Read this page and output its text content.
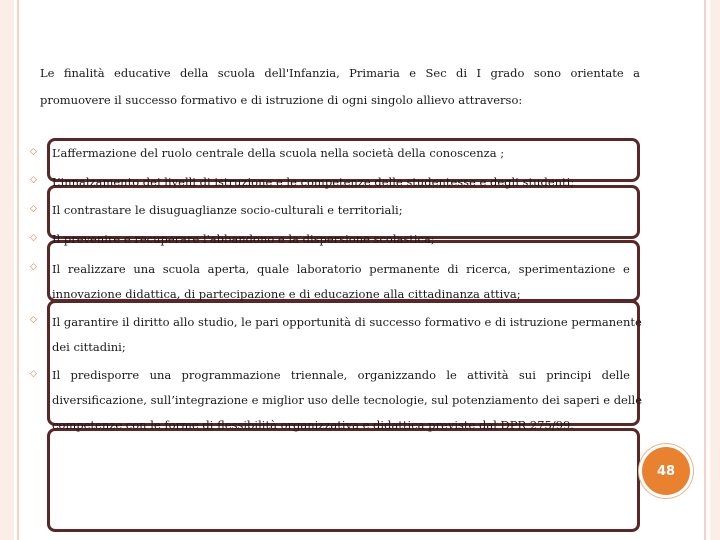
Le finalità educative della scuola dell'Infanzia, Primaria e Sec di I grado sono orientate a
promuovere il successo formativo e di istruzione di ogni singolo allievo attraverso:
◇
◇
◇
◇
◇
◇
◇
L’affermazione del ruolo centrale della scuola nella società della conoscenza ;
L’innalzamento dei livelli di istruzione e le competenze delle studentesse e degli studenti;
Il contrastare le disuguaglianze socio-culturali e territoriali;
Il prevenire e recuperare l'abbandono e la dispersione scolastica;
Il realizzare una scuola aperta, quale laboratorio permanente di ricerca, sperimentazione e
innovazione didattica, di partecipazione e di educazione alla cittadinanza attiva;
Il garantire il diritto allo studio, le pari opportunità di successo formativo e di istruzione permanente
dei cittadini;
Il predisporre una programmazione triennale, organizzando le attività sui principi delle
diversificazione, sull’integrazione e miglior uso delle tecnologie, sul potenziamento dei saperi e delle
competenze con le forme di flessibilità organizzativa e didattica previste dal DPR 275/99.
48
